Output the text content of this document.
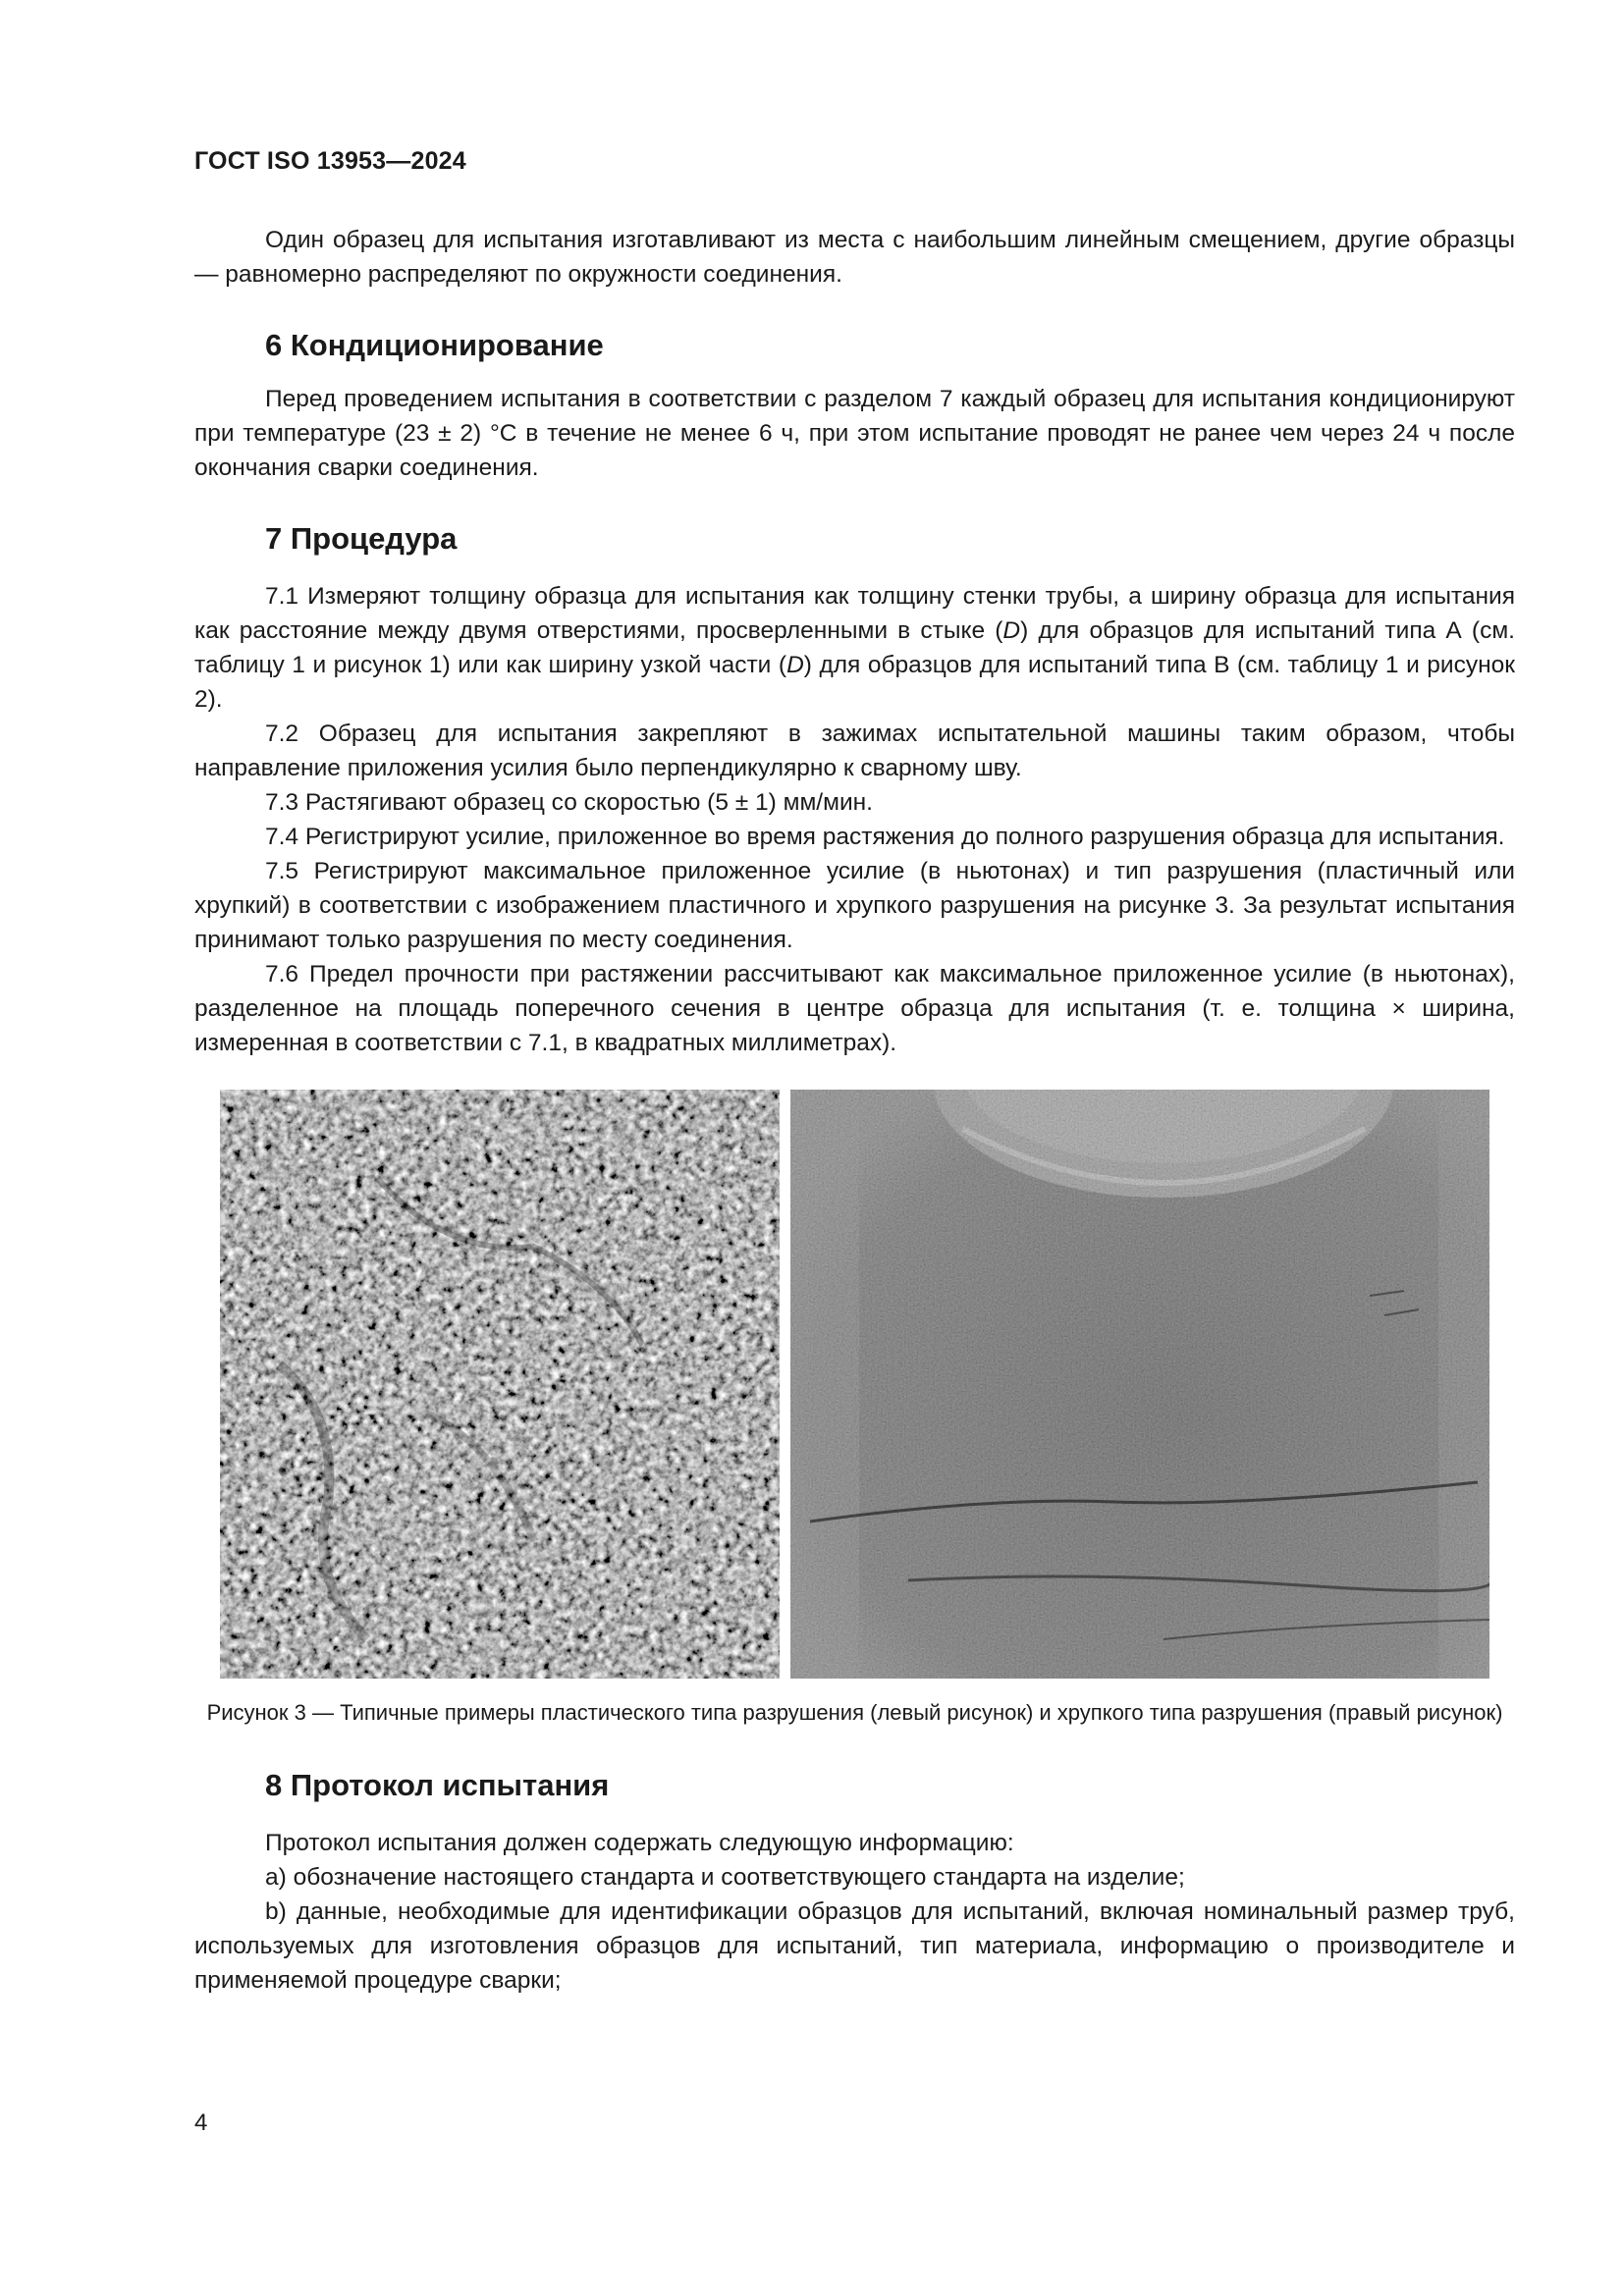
ГОСТ ISO 13953—2024

Один образец для испытания изготавливают из места с наибольшим линейным смещением, другие образцы — равномерно распределяют по окружности соединения.

6 Кондиционирование

Перед проведением испытания в соответствии с разделом 7 каждый образец для испытания кондиционируют при температуре (23 ± 2) °С в течение не менее 6 ч, при этом испытание проводят не ранее чем через 24 ч после окончания сварки соединения.

7 Процедура

7.1 Измеряют толщину образца для испытания как толщину стенки трубы, а ширину образца для испытания как расстояние между двумя отверстиями, просверленными в стыке (D) для образцов для испытаний типа А (см. таблицу 1 и рисунок 1) или как ширину узкой части (D) для образцов для испытаний типа В (см. таблицу 1 и рисунок 2).

7.2 Образец для испытания закрепляют в зажимах испытательной машины таким образом, чтобы направление приложения усилия было перпендикулярно к сварному шву.

7.3 Растягивают образец со скоростью (5 ± 1) мм/мин.

7.4 Регистрируют усилие, приложенное во время растяжения до полного разрушения образца для испытания.

7.5 Регистрируют максимальное приложенное усилие (в ньютонах) и тип разрушения (пластичный или хрупкий) в соответствии с изображением пластичного и хрупкого разрушения на рисунке 3. За результат испытания принимают только разрушения по месту соединения.

7.6 Предел прочности при растяжении рассчитывают как максимальное приложенное усилие (в ньютонах), разделенное на площадь поперечного сечения в центре образца для испытания (т. е. толщина × ширина, измеренная в соответствии с 7.1, в квадратных миллиметрах).

Рисунок 3 — Типичные примеры пластического типа разрушения (левый рисунок) и хрупкого типа разрушения (правый рисунок)
8 Протокол испытания

Протокол испытания должен содержать следующую информацию:

a) обозначение настоящего стандарта и соответствующего стандарта на изделие;

b) данные, необходимые для идентификации образцов для испытаний, включая номинальный размер труб, используемых для изготовления образцов для испытаний, тип материала, информацию о производителе и применяемой процедуре сварки;

4
